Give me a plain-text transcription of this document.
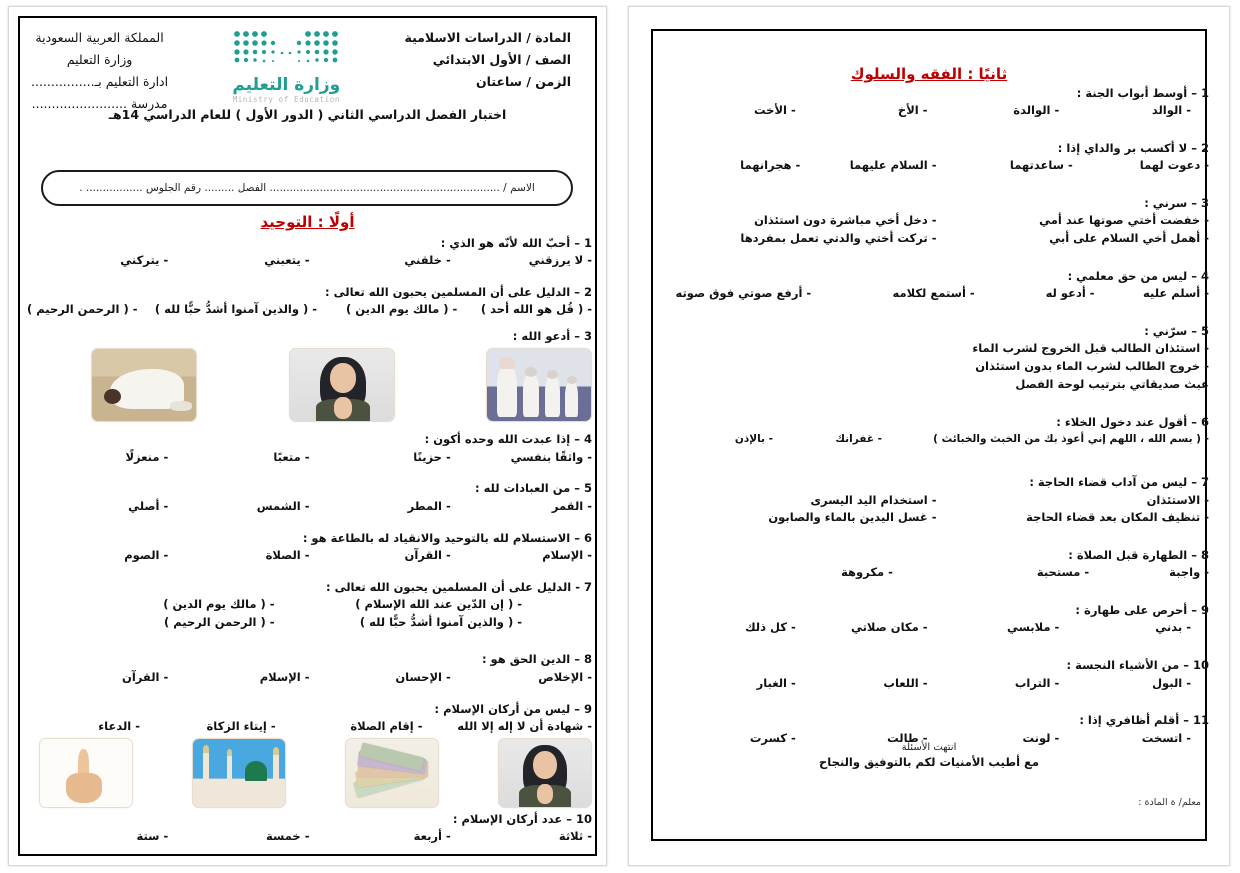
المادة / الدراسات الاسلامية
الصف / الأول الابتدائي
الزمن / ساعتان
وزارة التعليم
Ministry of Education
المملكة العربية السعودية
وزارة التعليم
ادارة التعليم بـ................
مدرسة ........................
اختبار الفصل الدراسي الثاني ( الدور الأول ) للعام الدراسي 14هـ
الاسم / ..................................................................... الفصل ......... رقم الجلوس ................. .
أولًا : التوحيد
1 – أحبّ الله لأنّه هو الذي :
- لا يرزقني
- خلقني
- يتعبني
- يتركني
2 – الدليل على أن المسلمين يحبون الله تعالى :
- ( قُل هو الله أحد )
- ( مالك يوم الدين )
- ( والذين آمنوا أشدُّ حبًّا لله )
- ( الرحمن الرحيم )
3 – أدعو الله :
4 – إذا عبدت الله وحده أكون :
- واثقًا بنفسي
- حزينًا
- متعبًا
- منعزلًا
5 – من العبادات لله :
- القمر
- المطر
- الشمس
- أصلي
6 – الاستسلام لله بالتوحيد والانقياد له بالطاعة هو :
- الإسلام
- القرآن
- الصلاة
- الصوم
7 - الدليل على أن المسلمين يحبون الله تعالى :
- ( إن الدّين عند الله الإسلام )
- ( مالك يوم الدين )
- ( والذين آمنوا أشدُّ حبًّا لله )
- ( الرحمن الرحيم )
8 – الدين الحق هو :
- الإخلاص
- الإحسان
- الإسلام
- القرآن
9 – ليس من أركان الإسلام :
- شهادة أن لا إله إلا الله
- إقام الصلاة
- إيتاء الزكاة
- الدعاء
10 – عدد أركان الإسلام :
- ثلاثة
- أربعة
- خمسة
- ستة
ثانيًا : الفقه والسلوك
1 – أوسط أبواب الجنة :
- الوالد
- الوالدة
- الأخ
- الأخت
2 – لا أكسب بر والداي إذا :
- دعوت لهما
- ساعدتهما
- السلام عليهما
- هجرانهما
3 – سرني :
- خفضت أختي صوتها عند أمي
- دخل أخي مباشرة دون استئذان
- أهمل أخي السلام على أبي
- تركت أختي والدتي تعمل بمفردها
4 – ليس من حق معلمي :
- أسلم عليه
- أدعو له
- أستمع لكلامه
- أرفع صوتي فوق صوته
5 – سرّني :
- استئذان الطالب قبل الخروج لشرب الماء
- خروج الطالب لشرب الماء بدون استئذان
عبث صديقاتي بترتيب لوحة الفصل
6 – أقول عند دخول الخلاء :
- ( بسم الله ، اللهم إني أعوذ بك من الخبث والخبائث )
- غفرانك
- بالإذن
7 – ليس من آداب قضاء الحاجة :
- الاستئذان
- استخدام اليد اليسرى
- تنظيف المكان بعد قضاء الحاجة
- غسل اليدين بالماء والصابون
8 – الطهارة قبل الصلاة :
- واجبة
- مستحبة
- مكروهة
9 – أحرص على طهارة :
- بدني
- ملابسي
- مكان صلاتي
- كل ذلك
10 – من الأشياء النجسة :
- البول
- التراب
- اللعاب
- الغبار
11 – أقلم أظافري إذا :
- اتسخت
- لونت
- طالت
- كسرت
انتهت الأسئلة
مع أطيب الأمنيات لكم بالتوفيق والنجاح
معلم/ ة المادة :
